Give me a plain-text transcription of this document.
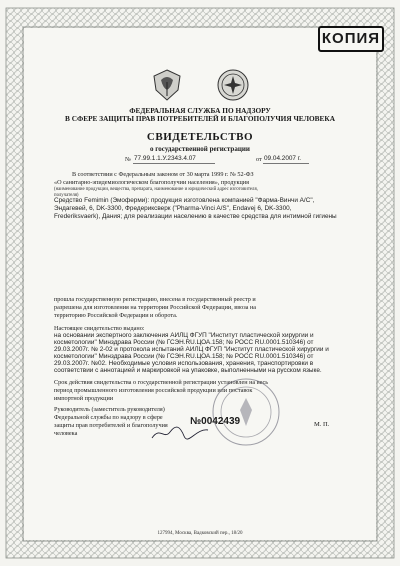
КОПИЯ
ФЕДЕРАЛЬНАЯ СЛУЖБА ПО НАДЗОРУ
В СФЕРЕ ЗАЩИТЫ ПРАВ ПОТРЕБИТЕЛЕЙ И БЛАГОПОЛУЧИЯ ЧЕЛОВЕКА
СВИДЕТЕЛЬСТВО
о государственной регистрации
№ 77.99.1.1.У.2343.4.07	от 09.04.2007 г.
В соответствии с Федеральным законом от 30 марта 1999 г. № 52-ФЗ
«О санитарно-эпидемиологическом благополучии населения», продукция
(наименование продукции, вещества, препарата, наименование и юридический адрес изготовителя,
получателя)
Средство Femimin (Эмоферми): продукция изготовлена компанией "Фарма-Винчи А/С",
Эндагевей, 6, DK-3300, Фредериксверк ("Pharma-Vinci A/S", Endavej 6, DK-3300,
Frederiksvaerk), Дания; для реализации населению в качестве средства для интимной гигиены
прошла государственную регистрацию, внесена в государственный реестр и
разрешена для изготовления на территории Российской Федерации, ввоза на
территорию Российской Федерации и оборота.
Настоящее свидетельство выдано:
на основании экспертного заключения АИЛЦ ФГУП "Институт пластической хирургии и
косметологии" Минздрава России (№ ГСЭН.RU.ЦОА.158; № РОСС RU.0001.510346) от
29.03.2007г. № 2-02 и протокола испытаний АИЛЦ ФГУП "Институт пластической хирургии и
косметологии" Минздрава России (№ ГСЭН.RU.ЦОА.158; № РОСС RU.0001.510346) от
29.03.2007г. №02. Необходимые условия использования, хранения, транспортировки в
соответствии с аннотацией и маркировкой на упаковке, выполненными на русском языке.
Срок действия свидетельства о государственной регистрации установлен на весь
период промышленного изготовления российской продукции или поставок
импортной продукции
Руководитель (заместитель руководителя)
Федеральной службы по надзору в сфере
защиты прав потребителей и благополучия
человека
№0042439	М. П.
127994, Москва, Вадковский пер., 18/20
